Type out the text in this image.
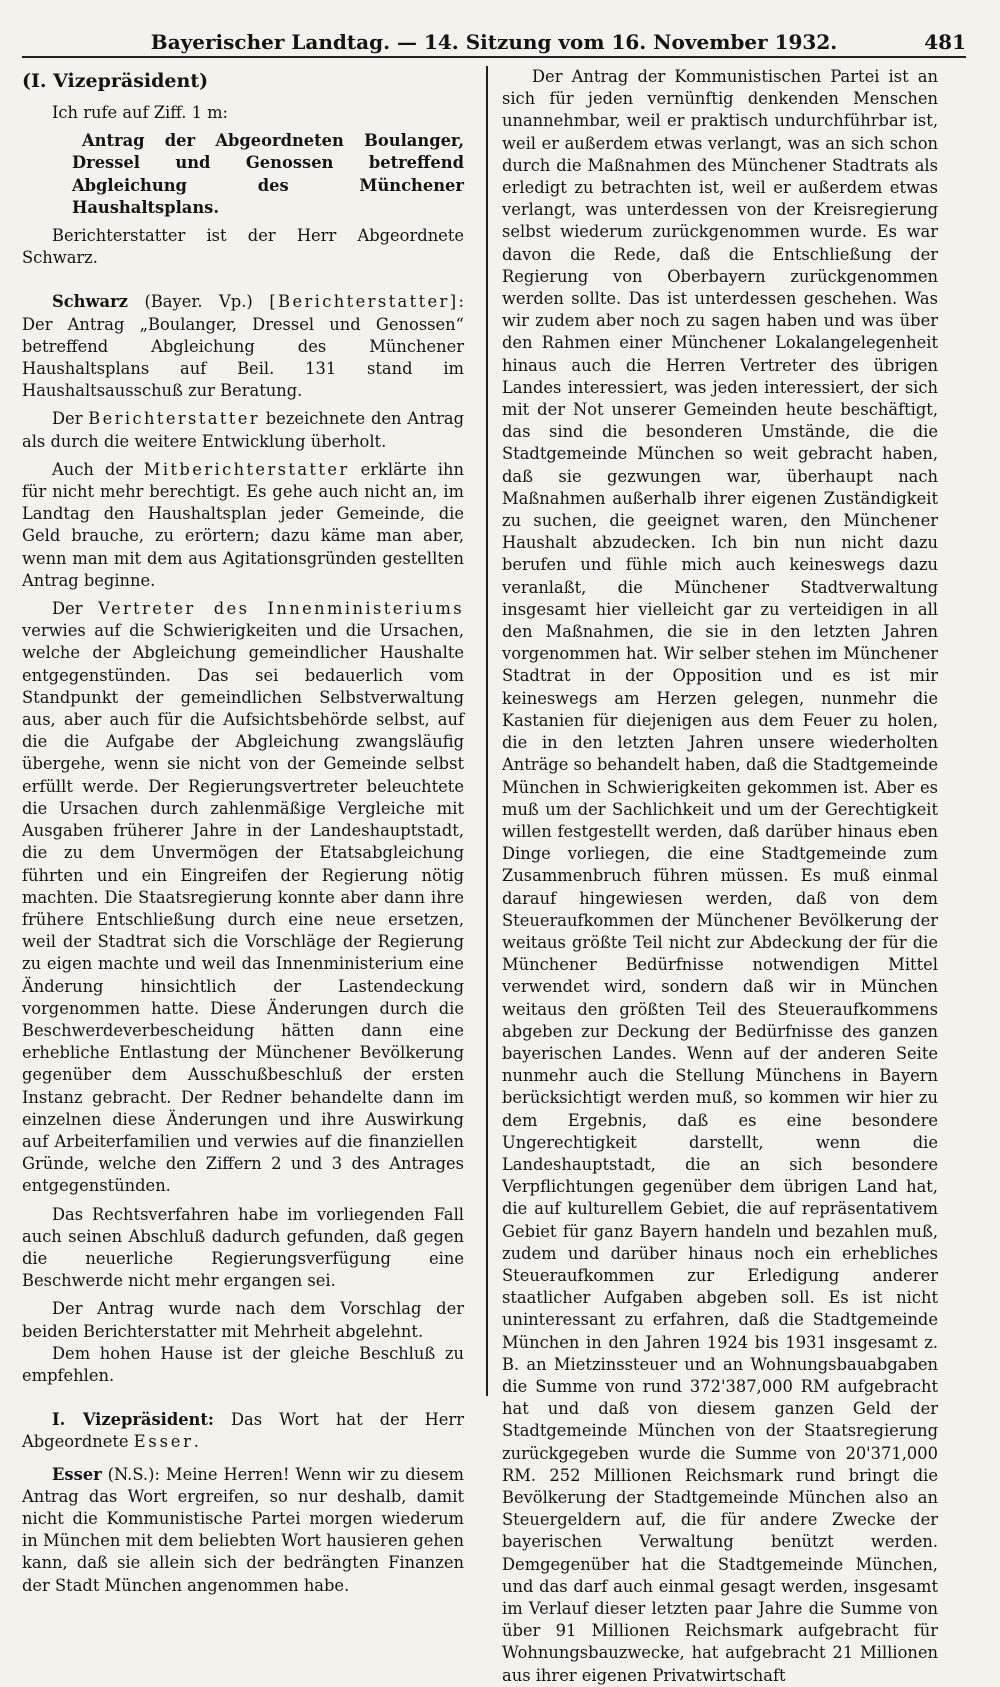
Bayerischer Landtag. — 14. Sitzung vom 16. November 1932.	481
(I. Vizepräsident)

Ich rufe auf Ziff. 1 m:

Antrag der Abgeordneten Boulanger, Dressel und Genossen betreffend Abgleichung des Münchener Haushaltsplans.

Berichterstatter ist der Herr Abgeordnete Schwarz.

Schwarz (Bayer. Vp.) [Berichterstatter]: Der Antrag „Boulanger, Dressel und Genossen“ betreffend Abgleichung des Münchener Haushaltsplans auf Beil. 131 stand im Haushaltsausschuß zur Beratung.

Der Berichterstatter bezeichnete den Antrag als durch die weitere Entwicklung überholt.

Auch der Mitberichterstatter erklärte ihn für nicht mehr berechtigt. Es gehe auch nicht an, im Landtag den Haushaltsplan jeder Gemeinde, die Geld brauche, zu erörtern; dazu käme man aber, wenn man mit dem aus Agitationsgründen gestellten Antrag beginne.

Der Vertreter des Innenministeriums verwies auf die Schwierigkeiten und die Ursachen, welche der Abgleichung gemeindlicher Haushalte entgegenstünden. Das sei bedauerlich vom Standpunkt der gemeindlichen Selbstverwaltung aus, aber auch für die Aufsichtsbehörde selbst, auf die die Aufgabe der Abgleichung zwangsläufig übergehe, wenn sie nicht von der Gemeinde selbst erfüllt werde. Der Regierungsvertreter beleuchtete die Ursachen durch zahlenmäßige Vergleiche mit Ausgaben früherer Jahre in der Landeshauptstadt, die zu dem Unvermögen der Etatsabgleichung führten und ein Eingreifen der Regierung nötig machten. Die Staatsregierung konnte aber dann ihre frühere Entschließung durch eine neue ersetzen, weil der Stadtrat sich die Vorschläge der Regierung zu eigen machte und weil das Innenministerium eine Änderung hinsichtlich der Lastendeckung vorgenommen hatte. Diese Änderungen durch die Beschwerdeverbescheidung hätten dann eine erhebliche Entlastung der Münchener Bevölkerung gegenüber dem Ausschußbeschluß der ersten Instanz gebracht. Der Redner behandelte dann im einzelnen diese Änderungen und ihre Auswirkung auf Arbeiterfamilien und verwies auf die finanziellen Gründe, welche den Ziffern 2 und 3 des Antrages entgegenstünden.

Das Rechtsverfahren habe im vorliegenden Fall auch seinen Abschluß dadurch gefunden, daß gegen die neuerliche Regierungsverfügung eine Beschwerde nicht mehr ergangen sei.

Der Antrag wurde nach dem Vorschlag der beiden Berichterstatter mit Mehrheit abgelehnt.

Dem hohen Hause ist der gleiche Beschluß zu empfehlen.

I. Vizepräsident: Das Wort hat der Herr Abgeordnete Esser.

Esser (N.S.): Meine Herren! Wenn wir zu diesem Antrag das Wort ergreifen, so nur deshalb, damit nicht die Kommunistische Partei morgen wiederum in München mit dem beliebten Wort hausieren gehen kann, daß sie allein sich der bedrängten Finanzen der Stadt München angenommen habe.

Der Antrag der Kommunistischen Partei ist an sich für jeden vernünftig denkenden Menschen unannehmbar, weil er praktisch undurchführbar ist, weil er außerdem etwas verlangt, was an sich schon durch die Maßnahmen des Münchener Stadtrats als erledigt zu betrachten ist, weil er außerdem etwas verlangt, was unterdessen von der Kreisregierung selbst wiederum zurückgenommen wurde. Es war davon die Rede, daß die Entschließung der Regierung von Oberbayern zurückgenommen werden sollte. Das ist unterdessen geschehen. Was wir zudem aber noch zu sagen haben und was über den Rahmen einer Münchener Lokalangelegenheit hinaus auch die Herren Vertreter des übrigen Landes interessiert, was jeden interessiert, der sich mit der Not unserer Gemeinden heute beschäftigt, das sind die besonderen Umstände, die die Stadtgemeinde München so weit gebracht haben, daß sie gezwungen war, überhaupt nach Maßnahmen außerhalb ihrer eigenen Zuständigkeit zu suchen, die geeignet waren, den Münchener Haushalt abzudecken. Ich bin nun nicht dazu berufen und fühle mich auch keineswegs dazu veranlaßt, die Münchener Stadtverwaltung insgesamt hier vielleicht gar zu verteidigen in all den Maßnahmen, die sie in den letzten Jahren vorgenommen hat. Wir selber stehen im Münchener Stadtrat in der Opposition und es ist mir keineswegs am Herzen gelegen, nunmehr die Kastanien für diejenigen aus dem Feuer zu holen, die in den letzten Jahren unsere wiederholten Anträge so behandelt haben, daß die Stadtgemeinde München in Schwierigkeiten gekommen ist. Aber es muß um der Sachlichkeit und um der Gerechtigkeit willen festgestellt werden, daß darüber hinaus eben Dinge vorliegen, die eine Stadtgemeinde zum Zusammenbruch führen müssen. Es muß einmal darauf hingewiesen werden, daß von dem Steueraufkommen der Münchener Bevölkerung der weitaus größte Teil nicht zur Abdeckung der für die Münchener Bedürfnisse notwendigen Mittel verwendet wird, sondern daß wir in München weitaus den größten Teil des Steueraufkommens abgeben zur Deckung der Bedürfnisse des ganzen bayerischen Landes. Wenn auf der anderen Seite nunmehr auch die Stellung Münchens in Bayern berücksichtigt werden muß, so kommen wir hier zu dem Ergebnis, daß es eine besondere Ungerechtigkeit darstellt, wenn die Landeshauptstadt, die an sich besondere Verpflichtungen gegenüber dem übrigen Land hat, die auf kulturellem Gebiet, die auf repräsentativem Gebiet für ganz Bayern handeln und bezahlen muß, zudem und darüber hinaus noch ein erhebliches Steueraufkommen zur Erledigung anderer staatlicher Aufgaben abgeben soll. Es ist nicht uninteressant zu erfahren, daß die Stadtgemeinde München in den Jahren 1924 bis 1931 insgesamt z. B. an Mietzinssteuer und an Wohnungsbauabgaben die Summe von rund 372'387,000 RM aufgebracht hat und daß von diesem ganzen Geld der Stadtgemeinde München von der Staatsregierung zurückgegeben wurde die Summe von 20'371,000 RM. 252 Millionen Reichsmark rund bringt die Bevölkerung der Stadtgemeinde München also an Steuergeldern auf, die für andere Zwecke der bayerischen Verwaltung benützt werden. Demgegenüber hat die Stadtgemeinde München, und das darf auch einmal gesagt werden, insgesamt im Verlauf dieser letzten paar Jahre die Summe von über 91 Millionen Reichsmark aufgebracht für Wohnungsbauzwecke, hat aufgebracht 21 Millionen aus ihrer eigenen Privatwirtschaft
